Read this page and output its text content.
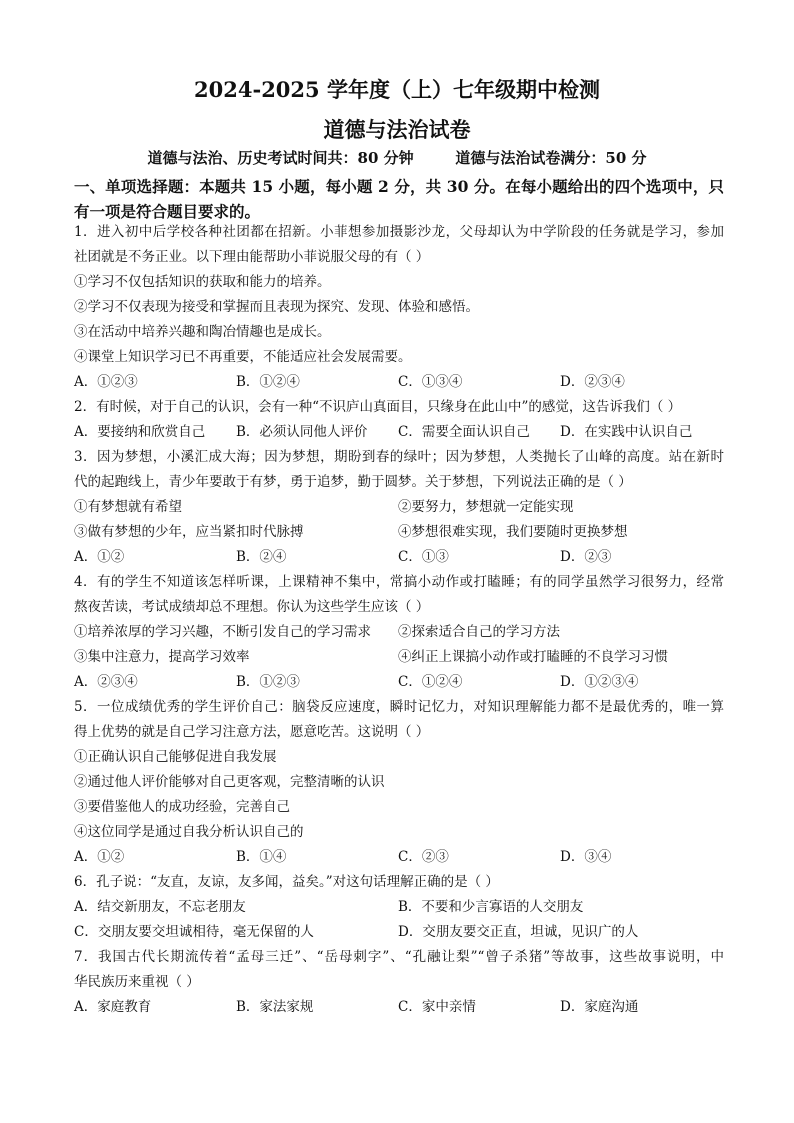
2024-2025 学年度（上）七年级期中检测
道德与法治试卷
道德与法治、历史考试时间共：80 分钟        道德与法治试卷满分：50 分
一、单项选择题：本题共 15 小题，每小题 2 分，共 30 分。在每小题给出的四个选项中，只
有一项是符合题目要求的。
1．进入初中后学校各种社团都在招新。小菲想参加摄影沙龙，父母却认为中学阶段的任务就是学习，参加
社团就是不务正业。以下理由能帮助小菲说服父母的有（ ）
①学习不仅包括知识的获取和能力的培养。
②学习不仅表现为接受和掌握而且表现为探究、发现、体验和感悟。
③在活动中培养兴趣和陶冶情趣也是成长。
④课堂上知识学习已不再重要，不能适应社会发展需要。
A．①②③	B．①②④	C．①③④	D．②③④
2．有时候，对于自己的认识，会有一种“不识庐山真面目，只缘身在此山中”的感觉，这告诉我们（ ）
A．要接纳和欣赏自己	B．必须认同他人评价	C．需要全面认识自己	D．在实践中认识自己
3．因为梦想，小溪汇成大海；因为梦想，期盼到春的绿叶；因为梦想，人类抛长了山峰的高度。站在新时
代的起跑线上，青少年要敢于有梦，勇于追梦，勤于圆梦。关于梦想，下列说法正确的是（ ）
①有梦想就有希望	②要努力，梦想就一定能实现
③做有梦想的少年，应当紧扣时代脉搏	④梦想很难实现，我们要随时更换梦想
A．①②	B．②④	C．①③	D．②③
4．有的学生不知道该怎样听课，上课精神不集中，常搞小动作或打瞌睡；有的同学虽然学习很努力，经常
熬夜苦读，考试成绩却总不理想。你认为这些学生应该（ ）
①培养浓厚的学习兴趣，不断引发自己的学习需求	②探索适合自己的学习方法
③集中注意力，提高学习效率	④纠正上课搞小动作或打瞌睡的不良学习习惯
A．②③④	B．①②③	C．①②④	D．①②③④
5．一位成绩优秀的学生评价自己：脑袋反应速度，瞬时记忆力，对知识理解能力都不是最优秀的，唯一算
得上优势的就是自己学习注意方法，愿意吃苦。这说明（ ）
①正确认识自己能够促进自我发展
②通过他人评价能够对自己更客观，完整清晰的认识
③要借鉴他人的成功经验，完善自己
④这位同学是通过自我分析认识自己的
A．①②	B．①④	C．②③	D．③④
6．孔子说：“友直，友谅，友多闻，益矣。”对这句话理解正确的是（ ）
A．结交新朋友，不忘老朋友	B．不要和少言寡语的人交朋友
C．交朋友要交坦诚相待，毫无保留的人	D．交朋友要交正直，坦诚，见识广的人
7．我国古代长期流传着“孟母三迁”、“岳母刺字”、“孔融让梨”“曾子杀猪”等故事，这些故事说明，中
华民族历来重视（ ）
A．家庭教育	B．家法家规	C．家中亲情	D．家庭沟通
